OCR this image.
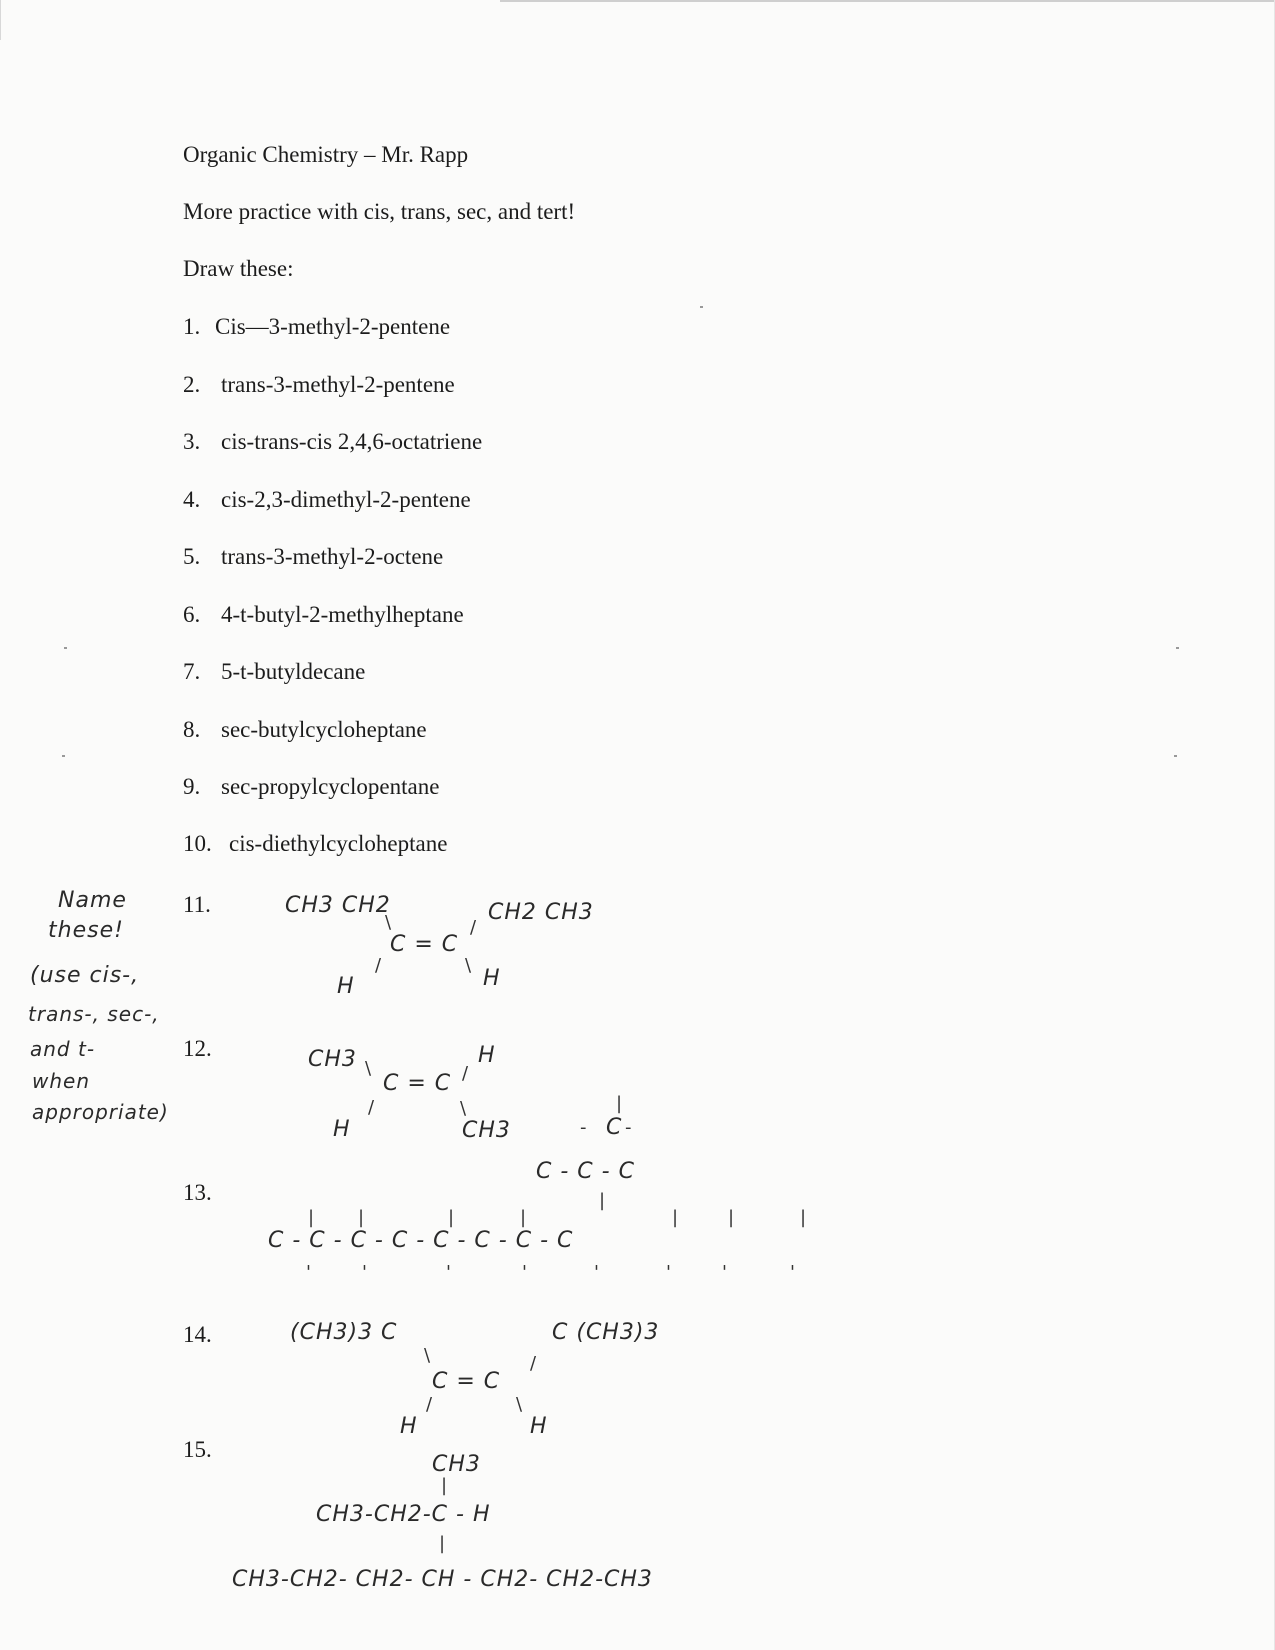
Organic Chemistry – Mr. Rapp
More practice with cis, trans, sec, and tert!
Draw these:
1. Cis—3-methyl-2-pentene
2. trans-3-methyl-2-pentene
3. cis-trans-cis 2,4,6-octatriene
4. cis-2,3-dimethyl-2-pentene
5. trans-3-methyl-2-octene
6. 4-t-butyl-2-methylheptane
7. 5-t-butyldecane
8. sec-butylcycloheptane
9. sec-propylcyclopentane
10. cis-diethylcycloheptane
Name
these!
(use cis-,
trans-, sec-,
and t-
when
appropriate)
11.
12.
13.
14.
15.
CH3 CH2	CH2 CH3
C = C
H	H
\	/
/	\
CH3	H
C = C
H	CH3
\	/
/	\
C
|
- -
C - C - C
|
C - C - C - C - C - C - C - C
| |	|	|	|	|	|
'	'	'	'	'	'	'	'
(CH3)3 C	C (CH3)3
C = C
H	H
\	/
/	\
CH3
|
CH3-CH2-C - H
|
CH3-CH2- CH2- CH - CH2- CH2-CH3
